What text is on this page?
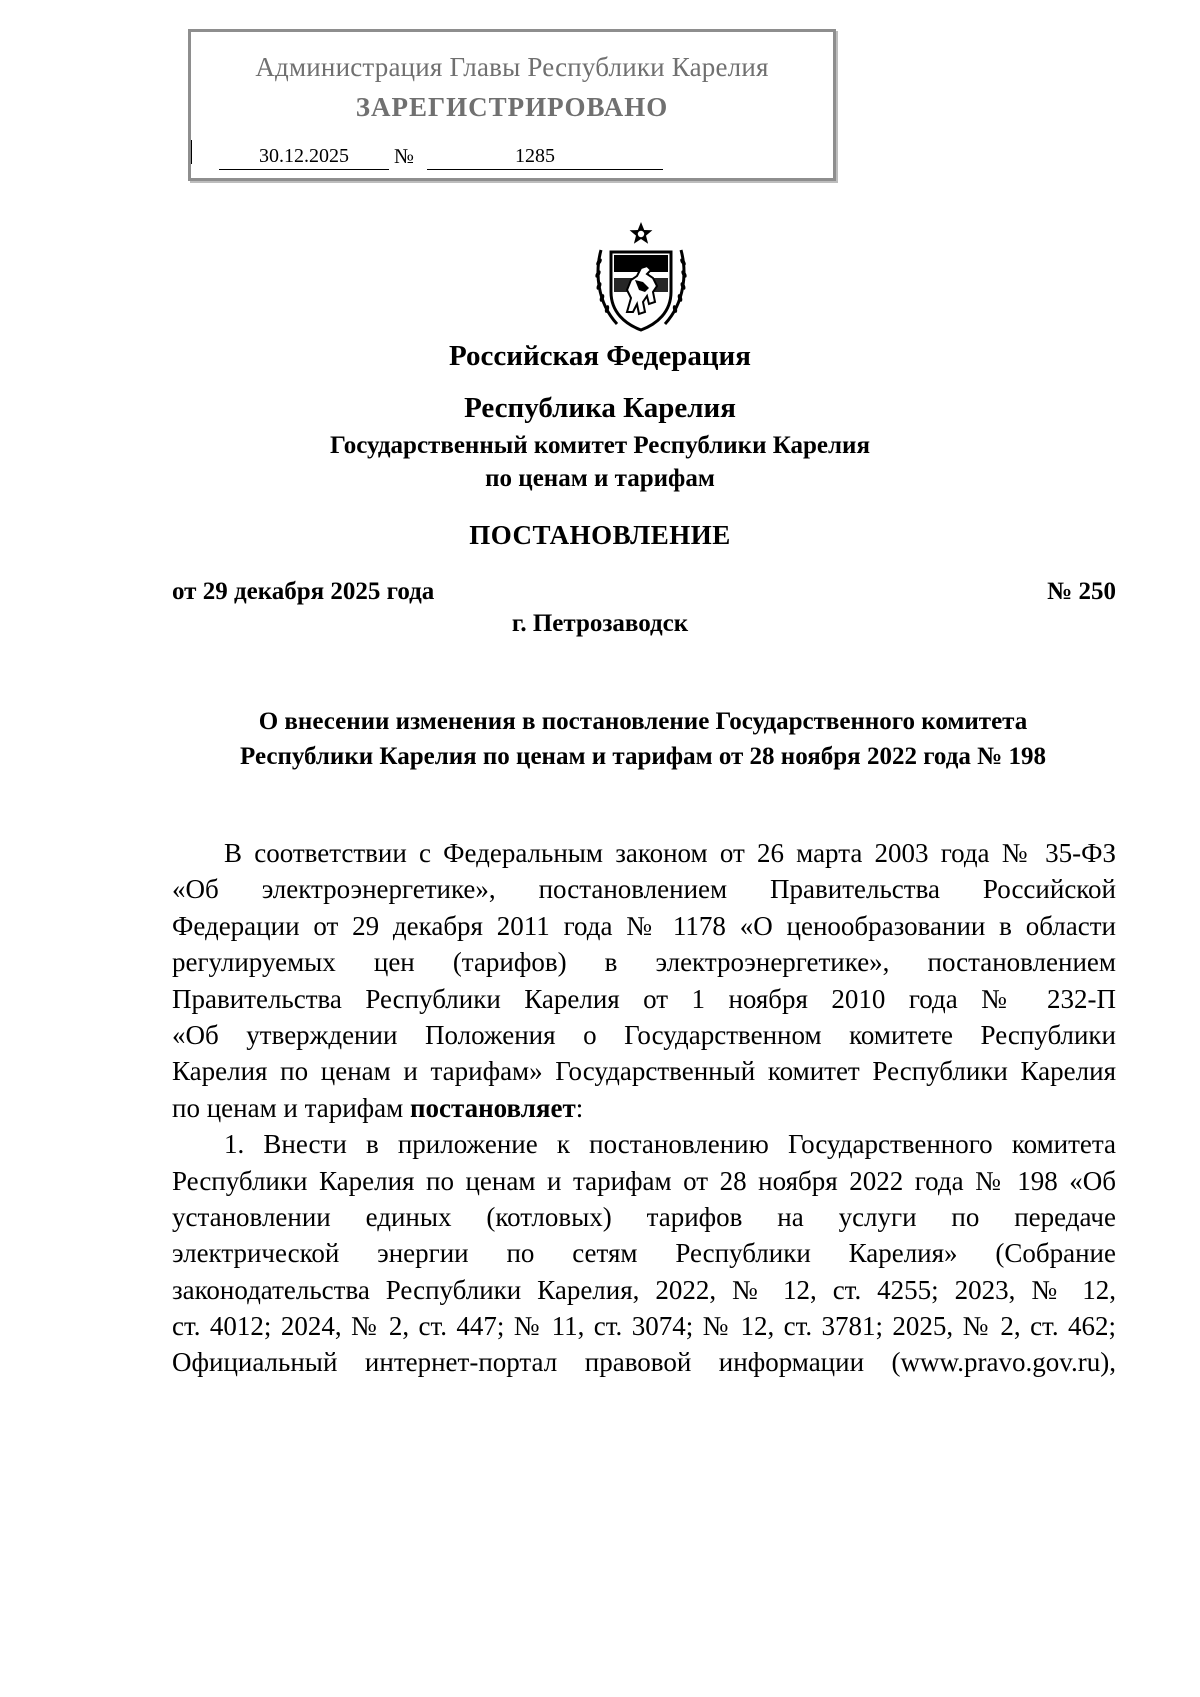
Администрация Главы Республики Карелия
ЗАРЕГИСТРИРОВАНО
30.12.2025	№	1285
Российская Федерация
Республика Карелия
Государственный комитет Республики Карелия
по ценам и тарифам
ПОСТАНОВЛЕНИЕ
от 29 декабря 2025 года	№ 250
г. Петрозаводск
О внесении изменения в постановление Государственного комитета
Республики Карелия по ценам и тарифам от 28 ноября 2022 года № 198
В соответствии с Федеральным законом от 26 марта 2003 года № 35-ФЗ
«Об электроэнергетике», постановлением Правительства Российской
Федерации от 29 декабря 2011 года № 1178 «О ценообразовании в области
регулируемых цен (тарифов) в электроэнергетике», постановлением
Правительства Республики Карелия от 1 ноября 2010 года № 232-П
«Об утверждении Положения о Государственном комитете Республики
Карелия по ценам и тарифам» Государственный комитет Республики Карелия
по ценам и тарифам постановляет:
1. Внести в приложение к постановлению Государственного комитета
Республики Карелия по ценам и тарифам от 28 ноября 2022 года № 198 «Об
установлении единых (котловых) тарифов на услуги по передаче
электрической энергии по сетям Республики Карелия» (Собрание
законодательства Республики Карелия, 2022, № 12, ст. 4255; 2023, № 12,
ст. 4012; 2024, № 2, ст. 447; № 11, ст. 3074; № 12, ст. 3781; 2025, № 2, ст. 462;
Официальный интернет-портал правовой информации (www.pravo.gov.ru),
